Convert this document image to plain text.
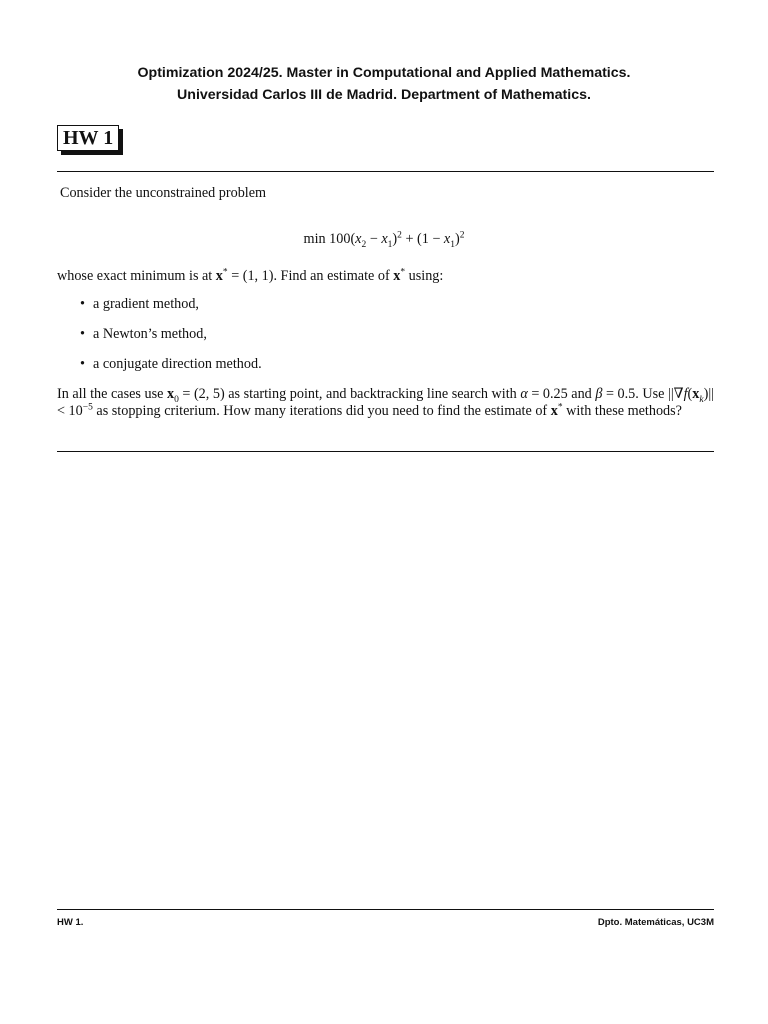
Optimization 2024/25. Master in Computational and Applied Mathematics.
Universidad Carlos III de Madrid. Department of Mathematics.
HW 1
Consider the unconstrained problem
$\min 100(x_2 - x_1)^2 + (1 - x_1)^2$
whose exact minimum is at x* = (1, 1). Find an estimate of x* using:
• a gradient method,
• a Newton’s method,
• a conjugate direction method.
In all the cases use $x_0 = (2$, 5) as starting point, and backtracking line search with α = 0.25 and β = 0.5. Use $||\nabla f(x_k)|| < 10^{-5}$ as stopping criterium. How many iterations did you need to find the estimate of x* with these methods?
HW 1.	Dpto. Matemáticas, UC3M
